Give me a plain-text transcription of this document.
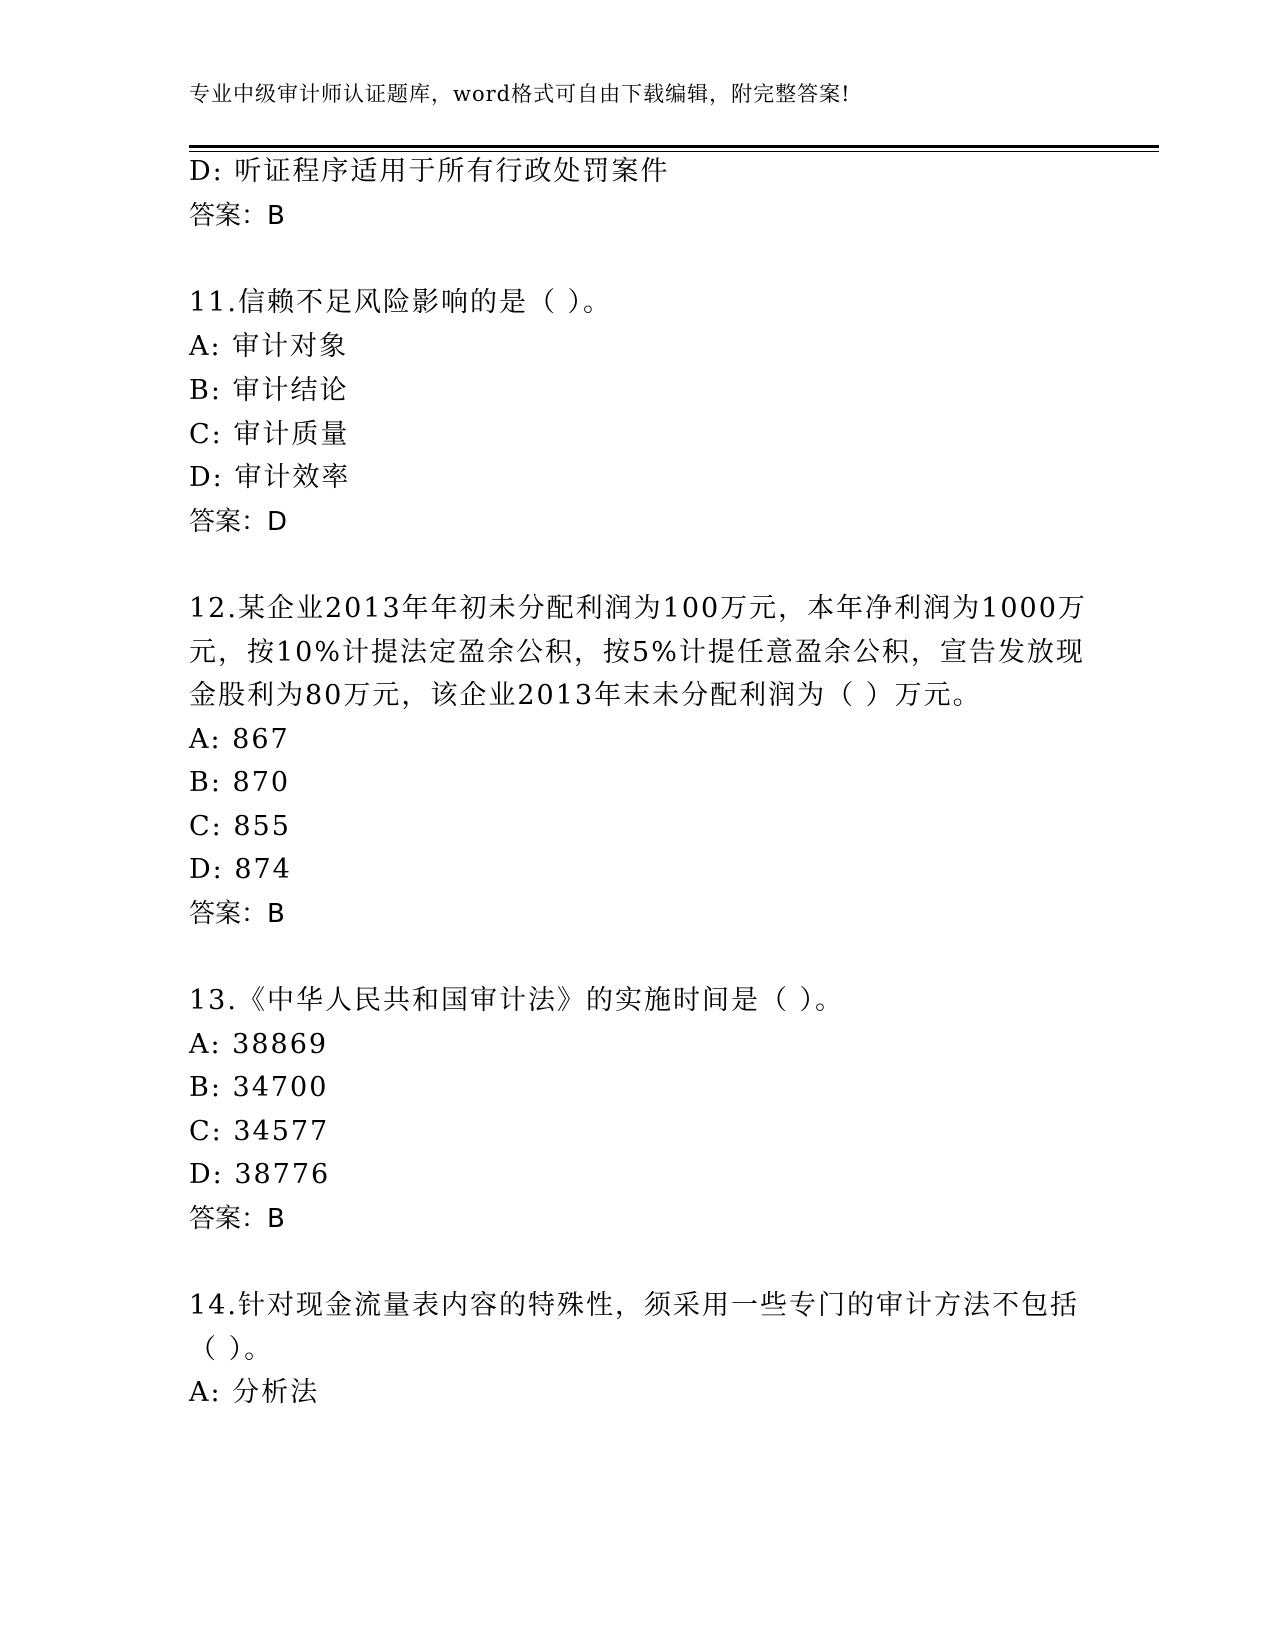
专业中级审计师认证题库，word格式可自由下载编辑，附完整答案!
D: 听证程序适用于所有行政处罚案件
答案：B
11.信赖不足风险影响的是（ ）。
A: 审计对象
B: 审计结论
C: 审计质量
D: 审计效率
答案：D
12.某企业2013年年初未分配利润为100万元，本年净利润为1000万
元，按10%计提法定盈余公积，按5%计提任意盈余公积，宣告发放现
金股利为80万元，该企业2013年末未分配利润为（ ）万元。
A: 867
B: 870
C: 855
D: 874
答案：B
13.《中华人民共和国审计法》的实施时间是（ ）。
A: 38869
B: 34700
C: 34577
D: 38776
答案：B
14.针对现金流量表内容的特殊性，须采用一些专门的审计方法不包括
（ ）。
A: 分析法
